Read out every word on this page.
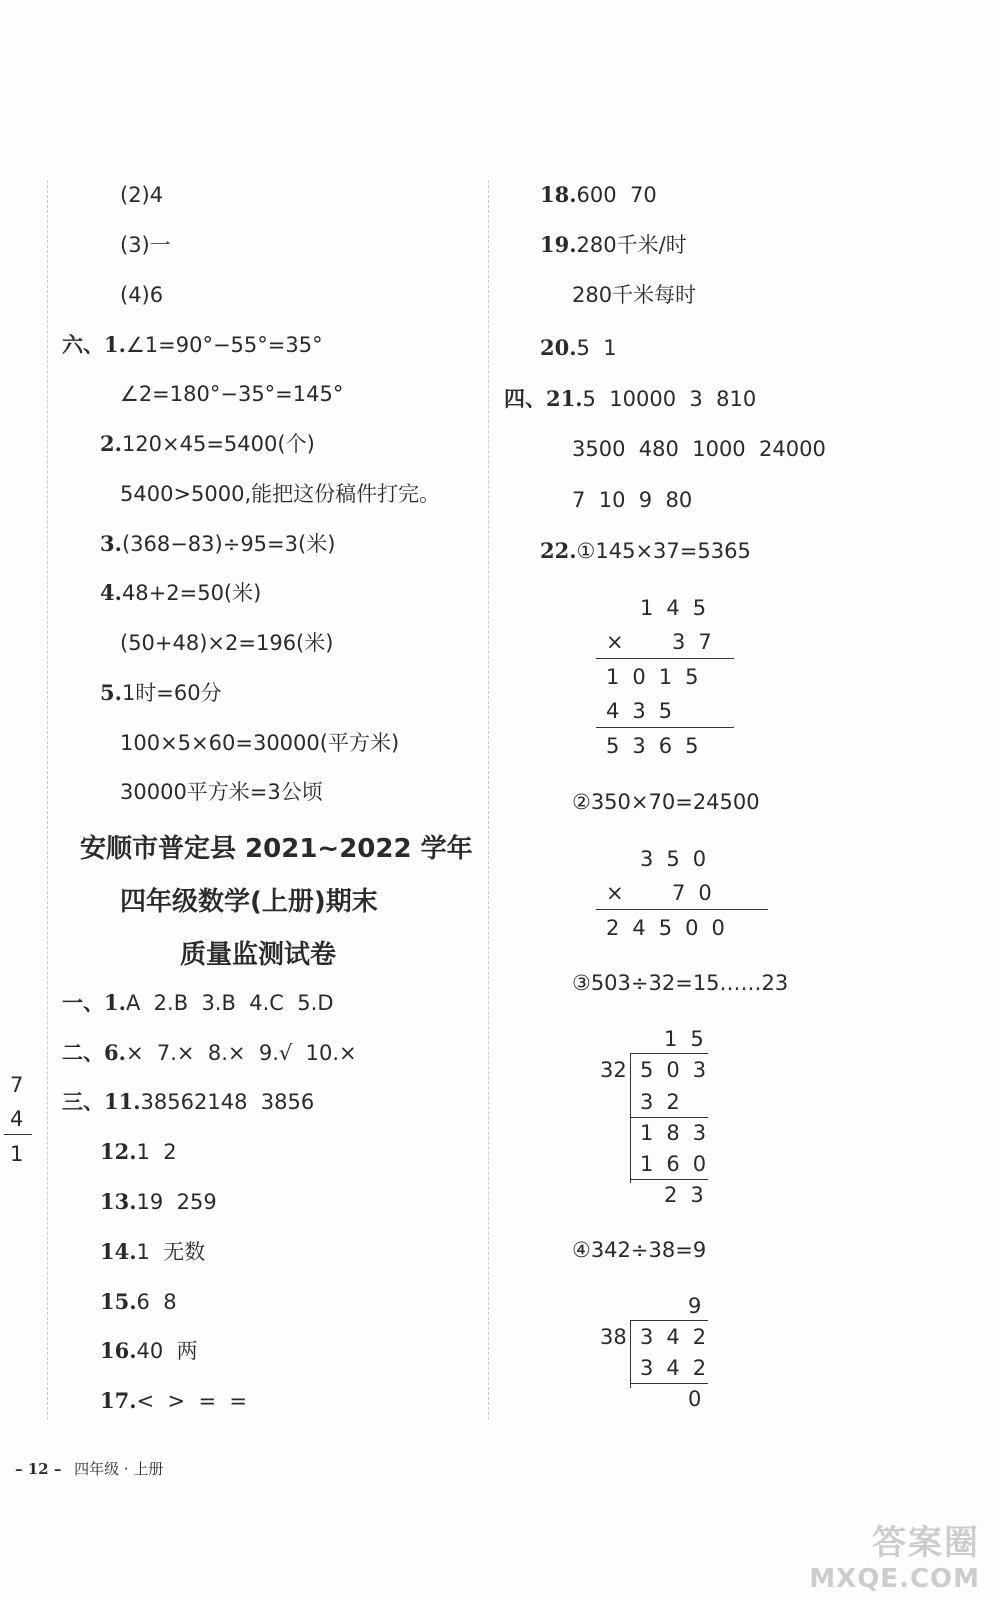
(2)4
(3)一
(4)6
六、1.∠1=90°−55°=35°
∠2=180°−35°=145°
2.120×45=5400(个)
5400>5000,能把这份稿件打完。
3.(368−83)÷95=3(米)
4.48+2=50(米)
(50+48)×2=196(米)
5.1时=60分
100×5×60=30000(平方米)
30000平方米=3公顷
安顺市普定县 2021~2022 学年
四年级数学(上册)期末
质量监测试卷
一、1.A  2.B  3.B  4.C  5.D
二、6.×  7.×  8.×  9.√  10.×
三、11.38562148  3856
12.1  2
13.19  259
14.1  无数
15.6  8
16.40  两
17.<  >  =  =
7
4
1
18.600  70
19.280千米/时
280千米每时
20.5  1
四、21.5  10000  3  810
3500  480  1000  24000
7  10  9  80
22.①145×37=5365
145
× 37
1015
435
5365
②350×70=24500
350
× 70
24500
③503÷32=15……23
15
32 503
32
183
160
23
④342÷38=9
9
38 342
342
0
– 12 – 四年级 · 上册
答案圈
MXQE.COM
